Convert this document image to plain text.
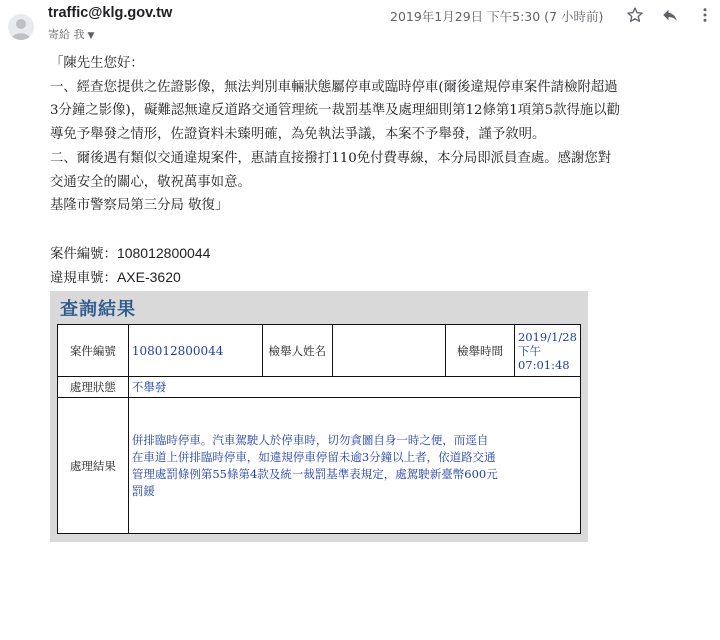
traffic@klg.gov.tw
寄給 我 ▼
2019年1月29日 下午5:30 (7 小時前)

「陳先生您好：

一、經查您提供之佐證影像，無法判別車輛狀態屬停車或臨時停車(爾後違規停車案件請檢附超過

3分鐘之影像)，礙難認無違反道路交通管理統一裁罰基準及處理細則第12條第1項第5款得施以勸

導免予舉發之情形，佐證資料未臻明確，為免執法爭議，本案不予舉發，謹予敘明。

二、爾後遇有類似交通違規案件，惠請直接撥打110免付費專線，本分局即派員查處。感謝您對

交通安全的關心，敬祝萬事如意。

基隆市警察局第三分局 敬復」

案件編號：108012800044

違規車號：AXE-3620

查詢結果
案件編號	108012800044	檢舉人姓名		檢舉時間	2019/1/28
下午
07:01:48

處理狀態	不舉發				
處理結果	併排臨時停車。汽車駕駛人於停車時，切勿貪圖自身一時之便，而逕自
在車道上併排臨時停車，如違規停車停留未逾3分鐘以上者，依道路交通
管理處罰條例第55條第4款及統一裁罰基準表規定，處駕駛新臺幣600元
罰鍰				
